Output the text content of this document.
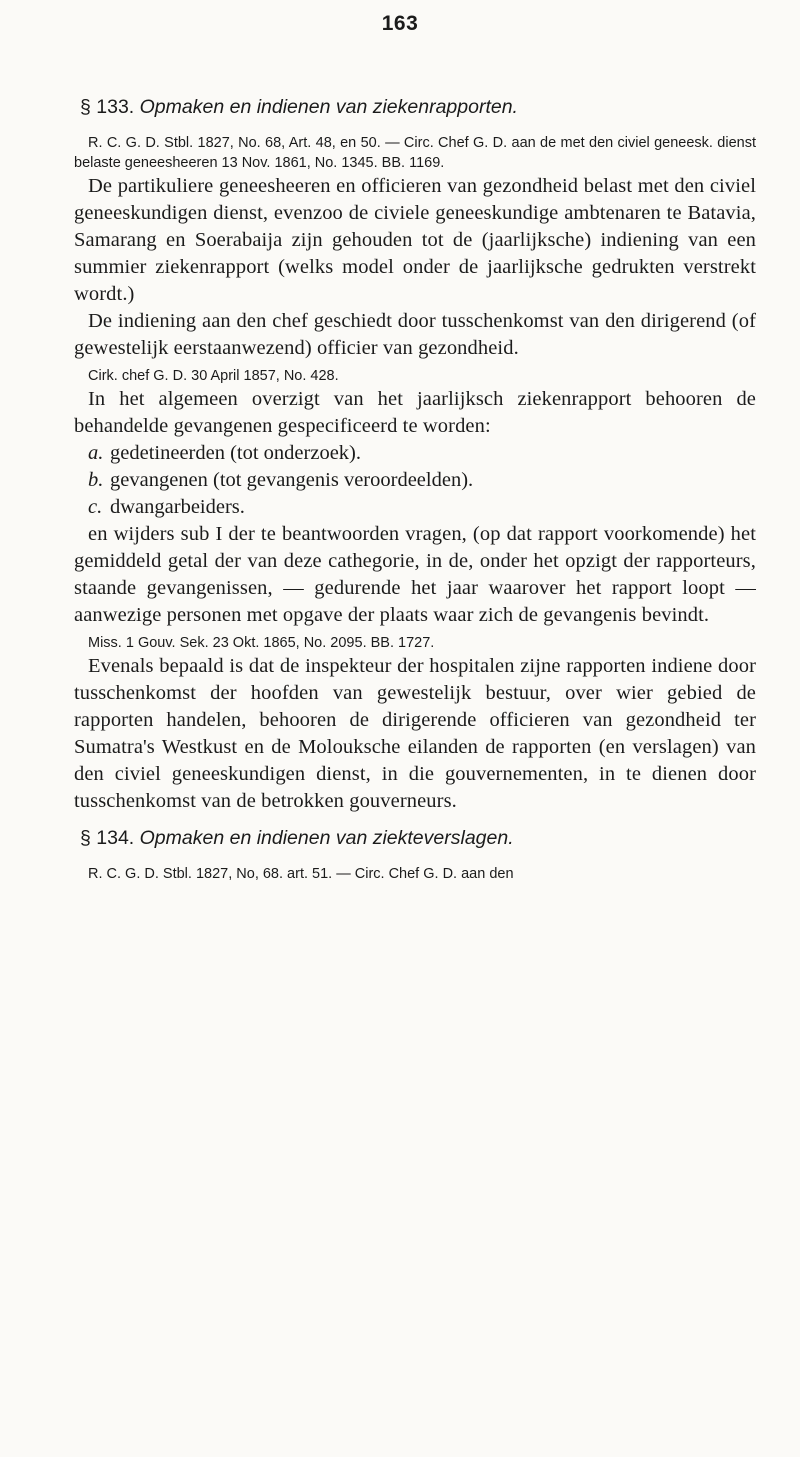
163
§ 133. Opmaken en indienen van ziekenrapporten.

R. C. G. D. Stbl. 1827, No. 68, Art. 48, en 50. — Circ. Chef G. D. aan de met den civiel geneesk. dienst belaste geneesheeren 13 Nov. 1861, No. 1345. BB. 1169.

De partikuliere geneesheeren en officieren van gezondheid belast met den civiel geneeskundigen dienst, evenzoo de civiele geneeskundige ambtenaren te Batavia, Samarang en Soerabaija zijn gehouden tot de (jaarlijksche) indiening van een summier ziekenrapport (welks model onder de jaarlijksche gedrukten verstrekt wordt.)

De indiening aan den chef geschiedt door tusschenkomst van den dirigerend (of gewestelijk eerstaanwezend) officier van gezondheid.

Cirk. chef G. D. 30 April 1857, No. 428.

In het algemeen overzigt van het jaarlijksch ziekenrapport behooren de behandelde gevangenen gespecificeerd te worden:

a. gedetineerden (tot onderzoek).
b. gevangenen (tot gevangenis veroordeelden).
c. dwangarbeiders.

en wijders sub I der te beantwoorden vragen, (op dat rapport voorkomende) het gemiddeld getal der van deze cathegorie, in de, onder het opzigt der rapporteurs, staande gevangenissen, — gedurende het jaar waarover het rapport loopt — aanwezige personen met opgave der plaats waar zich de gevangenis bevindt.

Miss. 1 Gouv. Sek. 23 Okt. 1865, No. 2095. BB. 1727.

Evenals bepaald is dat de inspekteur der hospitalen zijne rapporten indiene door tusschenkomst der hoofden van gewestelijk bestuur, over wier gebied de rapporten handelen, behooren de dirigerende officieren van gezondheid ter Sumatra's Westkust en de Molouksche eilanden de rapporten (en verslagen) van den civiel geneeskundigen dienst, in die gouvernementen, in te dienen door tusschenkomst van de betrokken gouverneurs.

§ 134. Opmaken en indienen van ziekteverslagen.

R. C. G. D. Stbl. 1827, No, 68. art. 51. — Circ. Chef G. D. aan den
